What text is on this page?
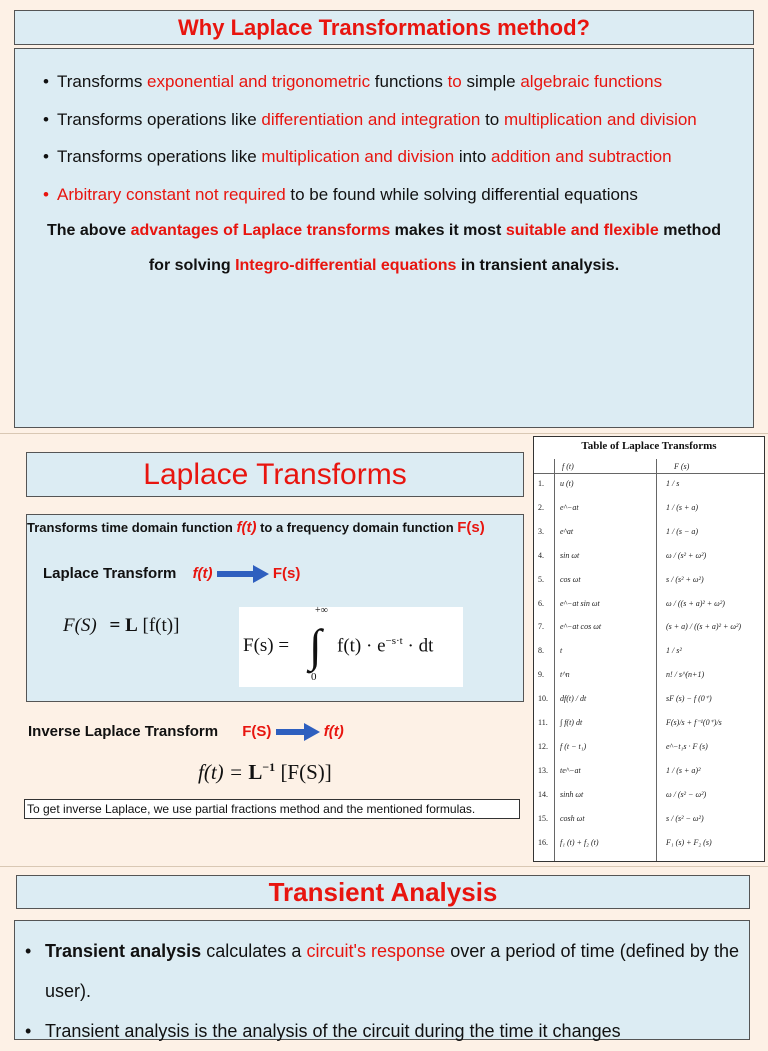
Why Laplace Transformations method?
• Transforms exponential and trigonometric functions to simple algebraic functions
• Transforms operations like differentiation and integration to multiplication and division
• Transforms operations like multiplication and division into addition and subtraction
• Arbitrary constant not required to be found while solving differential equations
The above advantages of Laplace transforms makes it most suitable and flexible method for solving Integro-differential equations in transient analysis.
Laplace Transforms
Transforms time domain function f(t) to a frequency domain function F(s)
Laplace Transform f(t)	F(s)
F(S) = L [f(t)]
F(s) = ∫
+∞
0
$f(t) \cdot e^{-s\cdot t}$ · dt
Inverse Laplace Transform F(S)	f(t)
$f(t) = L^{-1}$ [F(S)]
To get inverse Laplace, we use partial fractions method and the mentioned formulas.
Table of Laplace Transforms
f (t)	F (s)
1. u (t)	1 / s
2. e^−at	1 / (s + a)
3. e^at	1 / (s − a)
4. sin ωt	ω / (s² + ω²)
5. cos ωt	s / (s² + ω²)
6. e^−at sin ωt	ω / ((s + a)² + ω²)
7. e^−at cos ωt	(s + a) / ((s + a)² + ω²)
8. t	1 / s²
9. t^n	n! / s^(n+1)
10. df(t) / dt	sF (s) − f (0⁺)
11. ∫ f(t) dt	F(s)/s + f⁻¹(0⁺)/s
12. f (t − t₁)	e^−t₁s · F (s)
13. te^−at	1 / (s + a)²
14. sinh ωt	ω / (s² − ω²)
15. cosh ωt	s / (s² − ω²)
16. f₁ (t) + f₂ (t)	F₁ (s) + F₂ (s)
Transient Analysis

• Transient analysis calculates a circuit's response over a period of time (defined by the user).

• Transient analysis is the analysis of the circuit during the time it changes
